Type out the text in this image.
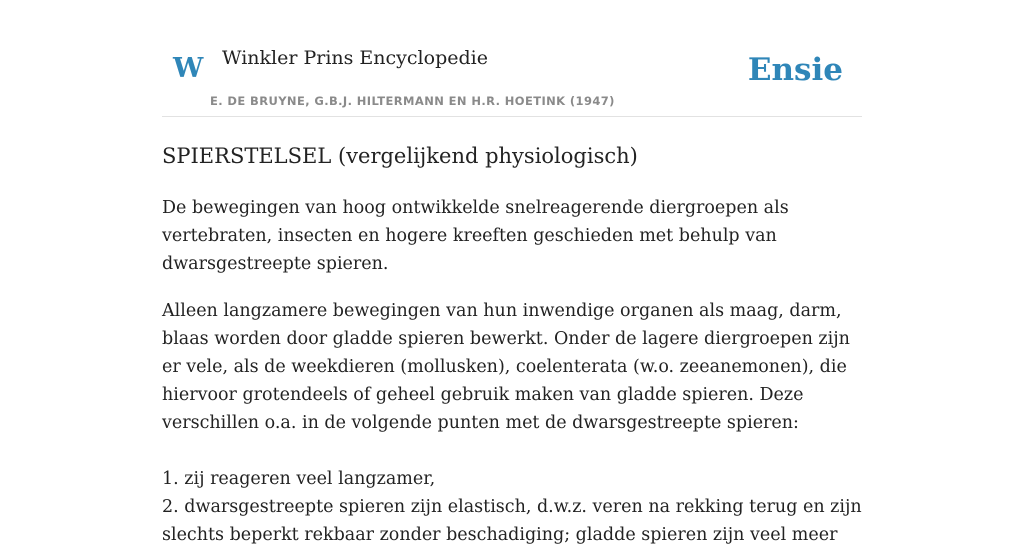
W Winkler Prins Encyclopedie
E. DE BRUYNE, G.B.J. HILTERMANN EN H.R. HOETINK (1947)
Ensie
SPIERSTELSEL (vergelijkend physiologisch)

De bewegingen van hoog ontwikkelde snelreagerende diergroepen als vertebraten, insecten en hogere kreeften geschieden met behulp van dwarsgestreepte spieren.

Alleen langzamere bewegingen van hun inwendige organen als maag, darm, blaas worden door gladde spieren bewerkt. Onder de lagere diergroepen zijn er vele, als de weekdieren (mollusken), coelenterata (w.o. zeeanemonen), die hiervoor grotendeels of geheel gebruik maken van gladde spieren. Deze verschillen o.a. in de volgende punten met de dwarsgestreepte spieren:

1. zij reageren veel langzamer,
2. dwarsgestreepte spieren zijn elastisch, d.w.z. veren na rekking terug en zijn slechts beperkt rekbaar zonder beschadiging; gladde spieren zijn veel meer
